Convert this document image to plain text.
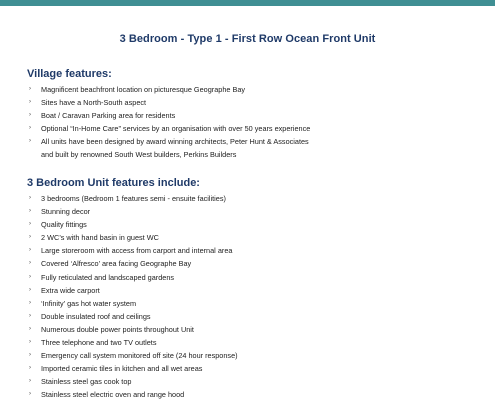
3 Bedroom - Type 1 - First Row Ocean Front Unit
Village features:
› Magnificent beachfront location on picturesque Geographe Bay
› Sites have a North-South aspect
› Boat / Caravan Parking area for residents
› Optional “In-Home Care” services by an organisation with over 50 years experience
› All units have been designed by award winning architects, Peter Hunt & Associates
and built by renowned South West builders, Perkins Builders
3 Bedroom Unit features include:
› 3 bedrooms (Bedroom 1 features semi - ensuite facilities)
› Stunning decor
› Quality fittings
› 2 WC’s with hand basin in guest WC
› Large storeroom with access from carport and internal area
› Covered ‘Alfresco’ area facing Geographe Bay
› Fully reticulated and landscaped gardens
› Extra wide carport
› ‘Infinity’ gas hot water system
› Double insulated roof and ceilings
› Numerous double power points throughout Unit
› Three telephone and two TV outlets
› Emergency call system monitored off site (24 hour response)
› Imported ceramic tiles in kitchen and all wet areas
› Stainless steel gas cook top
› Stainless steel electric oven and range hood
